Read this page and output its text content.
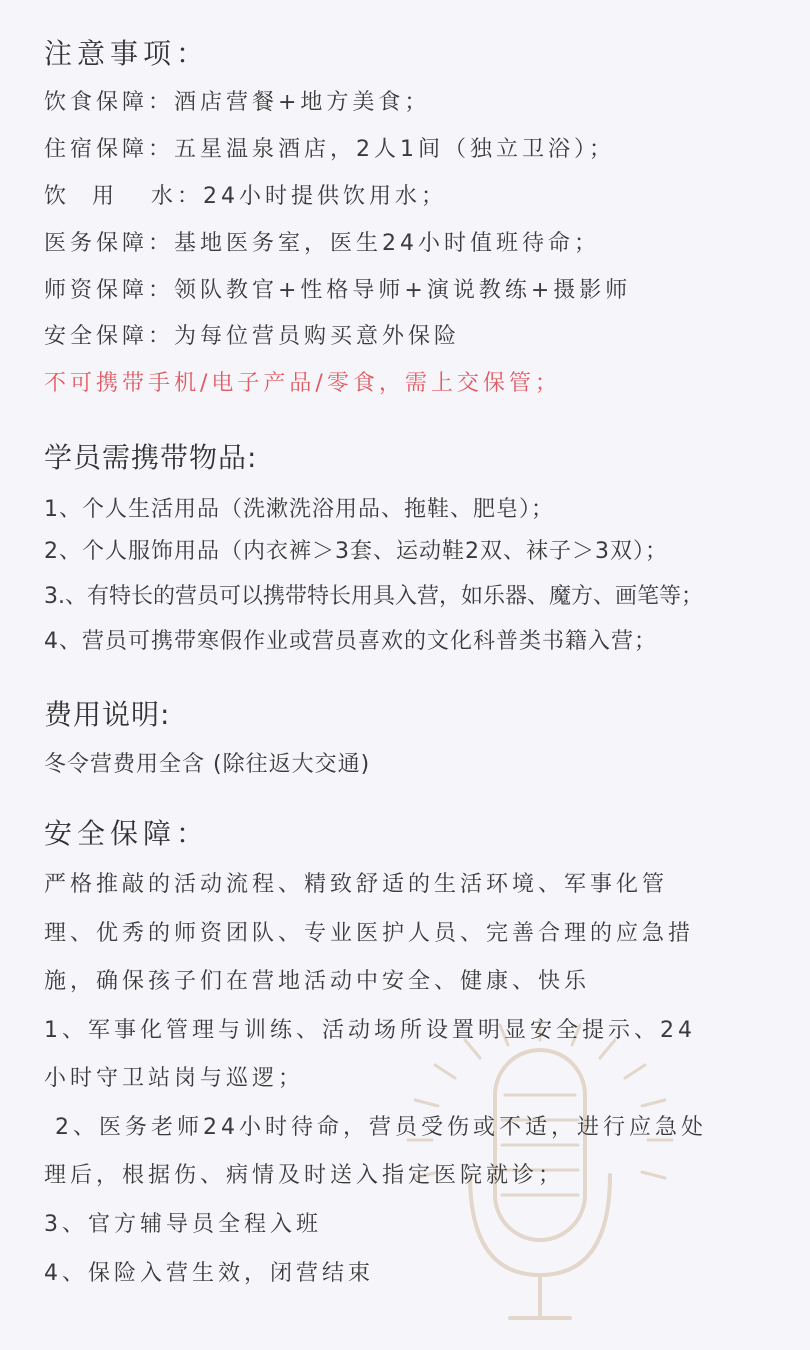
注意事项：
饮食保障：酒店营餐+地方美食；
住宿保障：五星温泉酒店，2人1间（独立卫浴）；
饮  用   水：24小时提供饮用水；
医务保障：基地医务室，医生24小时值班待命；
师资保障：领队教官+性格导师+演说教练+摄影师
安全保障：为每位营员购买意外保险
不可携带手机/电子产品/零食，需上交保管；
学员需携带物品:
1、个人生活用品（洗漱洗浴用品、拖鞋、肥皂）；
2、个人服饰用品（内衣裤＞3套、运动鞋2双、袜子＞3双）；
3.、有特长的营员可以携带特长用具入营，如乐器、魔方、画笔等；
4、营员可携带寒假作业或营员喜欢的文化科普类书籍入营；
费用说明:
冬令营费用全含 (除往返大交通)
安全保障：
严格推敲的活动流程、精致舒适的生活环境、军事化管
理、优秀的师资团队、专业医护人员、完善合理的应急措
施，确保孩子们在营地活动中安全、健康、快乐
1、军事化管理与训练、活动场所设置明显安全提示、24
小时守卫站岗与巡逻；
2、医务老师24小时待命，营员受伤或不适，进行应急处
理后，根据伤、病情及时送入指定医院就诊；
3、官方辅导员全程入班
4、保险入营生效，闭营结束
